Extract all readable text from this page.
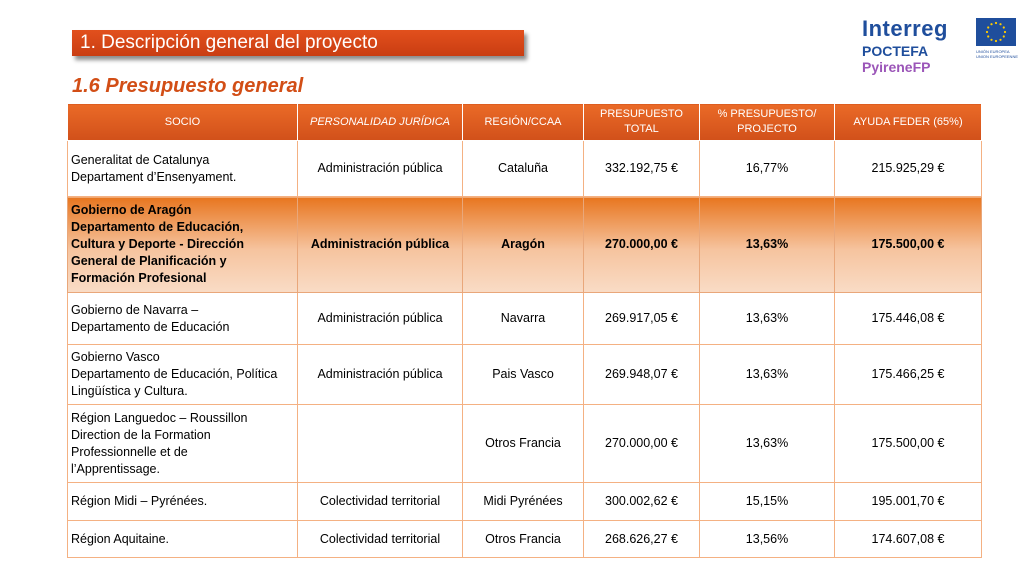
1. Descripción general del proyecto
1.6 Presupuesto general
Interreg
POCTEFA
PyireneFP
UNIÓN EUROPEA
UNION EUROPEENNE
SOCIO	PERSONALIDAD JURÍDICA	REGIÓN/CCAA	PRESUPUESTO TOTAL	% PRESUPUESTO/ PROJECTO	AYUDA FEDER (65%)

Generalitat de Catalunya
Departament d’Ensenyament.	Administración pública	Cataluña	332.192,75 €	16,77%	215.925,29 €

Gobierno de Aragón
Departamento de Educación,
Cultura y Deporte - Dirección
General de Planificación y
Formación Profesional	Administración pública	Aragón	270.000,00 €	13,63%	175.500,00 €

Gobierno de Navarra –
Departamento de Educación	Administración pública	Navarra	269.917,05 €	13,63%	175.446,08 €

Gobierno Vasco
Departamento de Educación, Política
Lingüística y Cultura.	Administración pública	Pais Vasco	269.948,07 €	13,63%	175.466,25 €

Région Languedoc – Roussillon
Direction de la Formation
Professionnelle et de
l’Apprentissage.		Otros Francia	270.000,00 €	13,63%	175.500,00 €

Région Midi – Pyrénées.	Colectividad territorial	Midi Pyrénées	300.002,62 €	15,15%	195.001,70 €

Région Aquitaine.	Colectividad territorial	Otros Francia	268.626,27 €	13,56%	174.607,08 €
